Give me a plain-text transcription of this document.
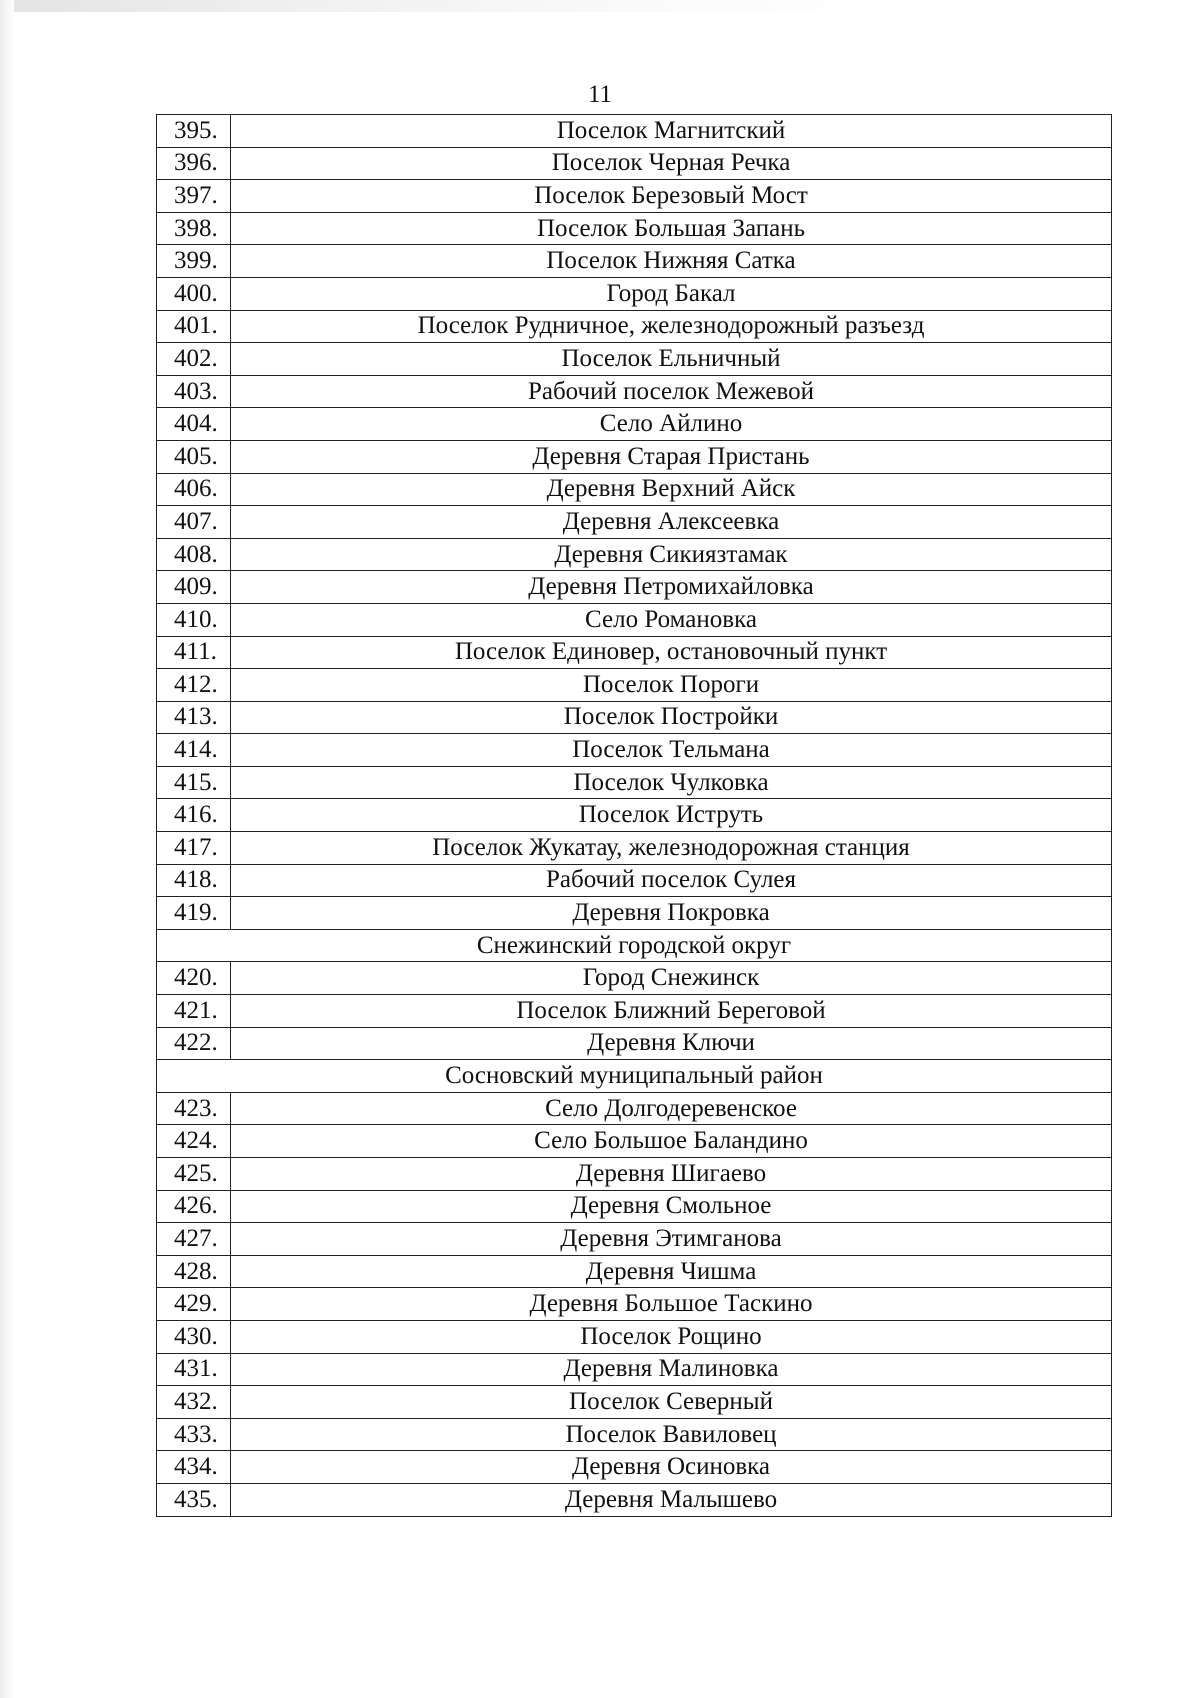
11
395.	Поселок Магнитский
396.	Поселок Черная Речка
397.	Поселок Березовый Мост
398.	Поселок Большая Запань
399.	Поселок Нижняя Сатка
400.	Город Бакал
401.	Поселок Рудничное, железнодорожный разъезд
402.	Поселок Ельничный
403.	Рабочий поселок Межевой
404.	Село Айлино
405.	Деревня Старая Пристань
406.	Деревня Верхний Айск
407.	Деревня Алексеевка
408.	Деревня Сикиязтамак
409.	Деревня Петромихайловка
410.	Село Романовка
411.	Поселок Единовер, остановочный пункт
412.	Поселок Пороги
413.	Поселок Постройки
414.	Поселок Тельмана
415.	Поселок Чулковка
416.	Поселок Иструть
417.	Поселок Жукатау, железнодорожная станция
418.	Рабочий поселок Сулея
419.	Деревня Покровка
Снежинский городской округ	
420.	Город Снежинск
421.	Поселок Ближний Береговой
422.	Деревня Ключи
Сосновский муниципальный район	
423.	Село Долгодеревенское
424.	Село Большое Баландино
425.	Деревня Шигаево
426.	Деревня Смольное
427.	Деревня Этимганова
428.	Деревня Чишма
429.	Деревня Большое Таскино
430.	Поселок Рощино
431.	Деревня Малиновка
432.	Поселок Северный
433.	Поселок Вавиловец
434.	Деревня Осиновка
435.	Деревня Малышево
